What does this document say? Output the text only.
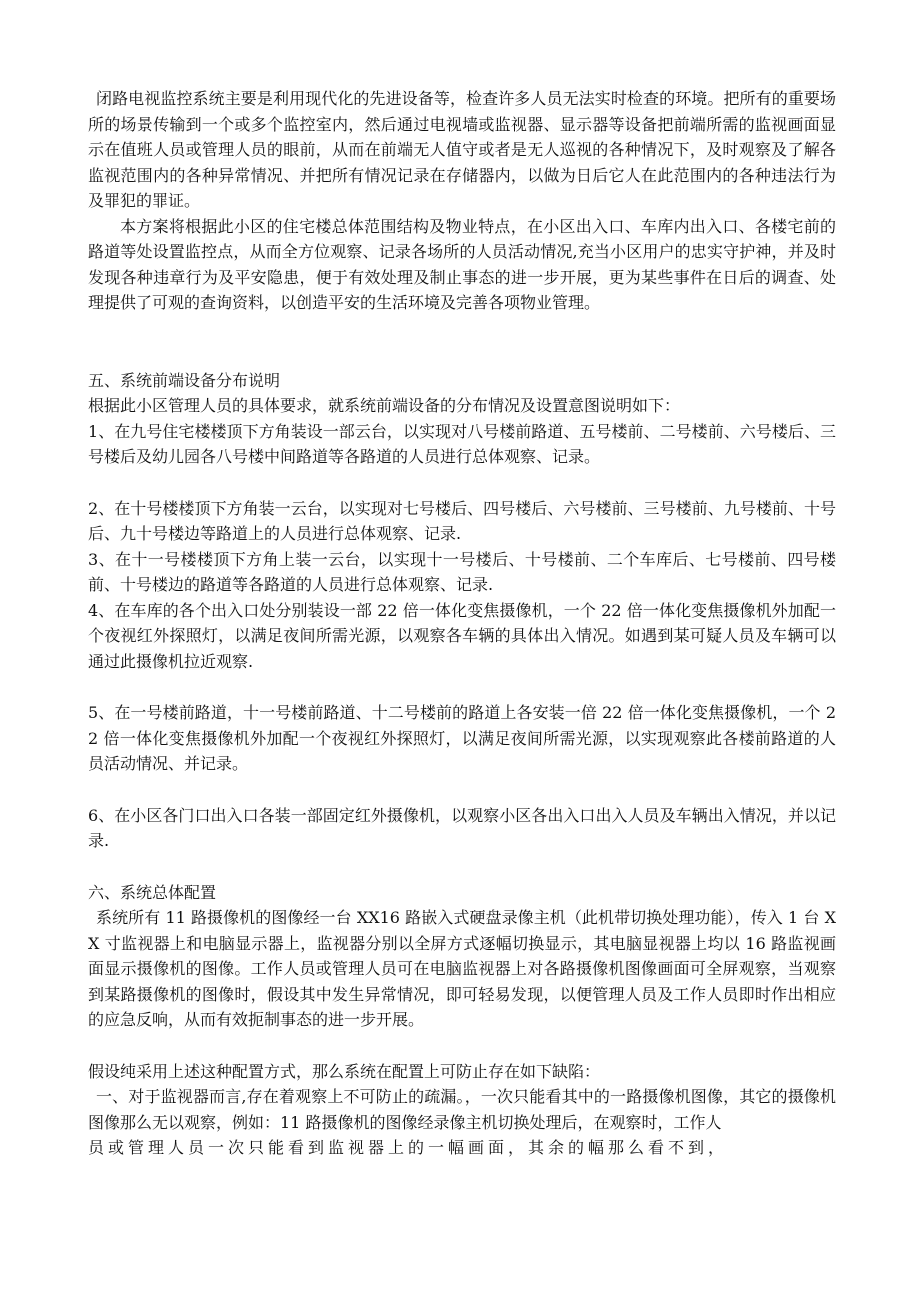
闭路电视监控系统主要是利用现代化的先进设备等，检查许多人员无法实时检查的环境。把所有的重要场所的场景传输到一个或多个监控室内，然后通过电视墙或监视器、显示器等设备把前端所需的监视画面显示在值班人员或管理人员的眼前，从而在前端无人值守或者是无人巡视的各种情况下，及时观察及了解各监视范围内的各种异常情况、并把所有情况记录在存储器内，以做为日后它人在此范围内的各种违法行为及罪犯的罪证。

本方案将根据此小区的住宅楼总体范围结构及物业特点，在小区出入口、车库内出入口、各楼宅前的路道等处设置监控点，从而全方位观察、记录各场所的人员活动情况,充当小区用户的忠实守护神，并及时发现各种违章行为及平安隐患，便于有效处理及制止事态的进一步开展，更为某些事件在日后的调查、处理提供了可观的查询资料，以创造平安的生活环境及完善各项物业管理。

五、系统前端设备分布说明

根据此小区管理人员的具体要求，就系统前端设备的分布情况及设置意图说明如下：

1、在九号住宅楼楼顶下方角装设一部云台，以实现对八号楼前路道、五号楼前、二号楼前、六号楼后、三号楼后及幼儿园各八号楼中间路道等各路道的人员进行总体观察、记录。

2、在十号楼楼顶下方角装一云台，以实现对七号楼后、四号楼后、六号楼前、三号楼前、九号楼前、十号后、九十号楼边等路道上的人员进行总体观察、记录.

3、在十一号楼楼顶下方角上装一云台，以实现十一号楼后、十号楼前、二个车库后、七号楼前、四号楼前、十号楼边的路道等各路道的人员进行总体观察、记录.

4、在车库的各个出入口处分别装设一部 22 倍一体化变焦摄像机，一个 22 倍一体化变焦摄像机外加配一个夜视红外探照灯，以满足夜间所需光源，以观察各车辆的具体出入情况。如遇到某可疑人员及车辆可以通过此摄像机拉近观察.

5、在一号楼前路道，十一号楼前路道、十二号楼前的路道上各安装一倍 22 倍一体化变焦摄像机，一个 22 倍一体化变焦摄像机外加配一个夜视红外探照灯，以满足夜间所需光源，以实现观察此各楼前路道的人员活动情况、并记录。

6、在小区各门口出入口各装一部固定红外摄像机，以观察小区各出入口出入人员及车辆出入情况，并以记录.

六、系统总体配置

系统所有 11 路摄像机的图像经一台 XX16 路嵌入式硬盘录像主机（此机带切换处理功能），传入 1 台 XX 寸监视器上和电脑显示器上，监视器分别以全屏方式逐幅切换显示，其电脑显视器上均以 16 路监视画面显示摄像机的图像。工作人员或管理人员可在电脑监视器上对各路摄像机图像画面可全屏观察，当观察到某路摄像机的图像时，假设其中发生异常情况，即可轻易发现，以便管理人员及工作人员即时作出相应的应急反响，从而有效扼制事态的进一步开展。

假设纯采用上述这种配置方式，那么系统在配置上可防止存在如下缺陷：

一、对于监视器而言,存在着观察上不可防止的疏漏。，一次只能看其中的一路摄像机图像，其它的摄像机图像那么无以观察，例如：11 路摄像机的图像经录像主机切换处理后，在观察时，工作人

员或管理人员一次只能看到监视器上的一幅画面，其余的幅那么看不到，
